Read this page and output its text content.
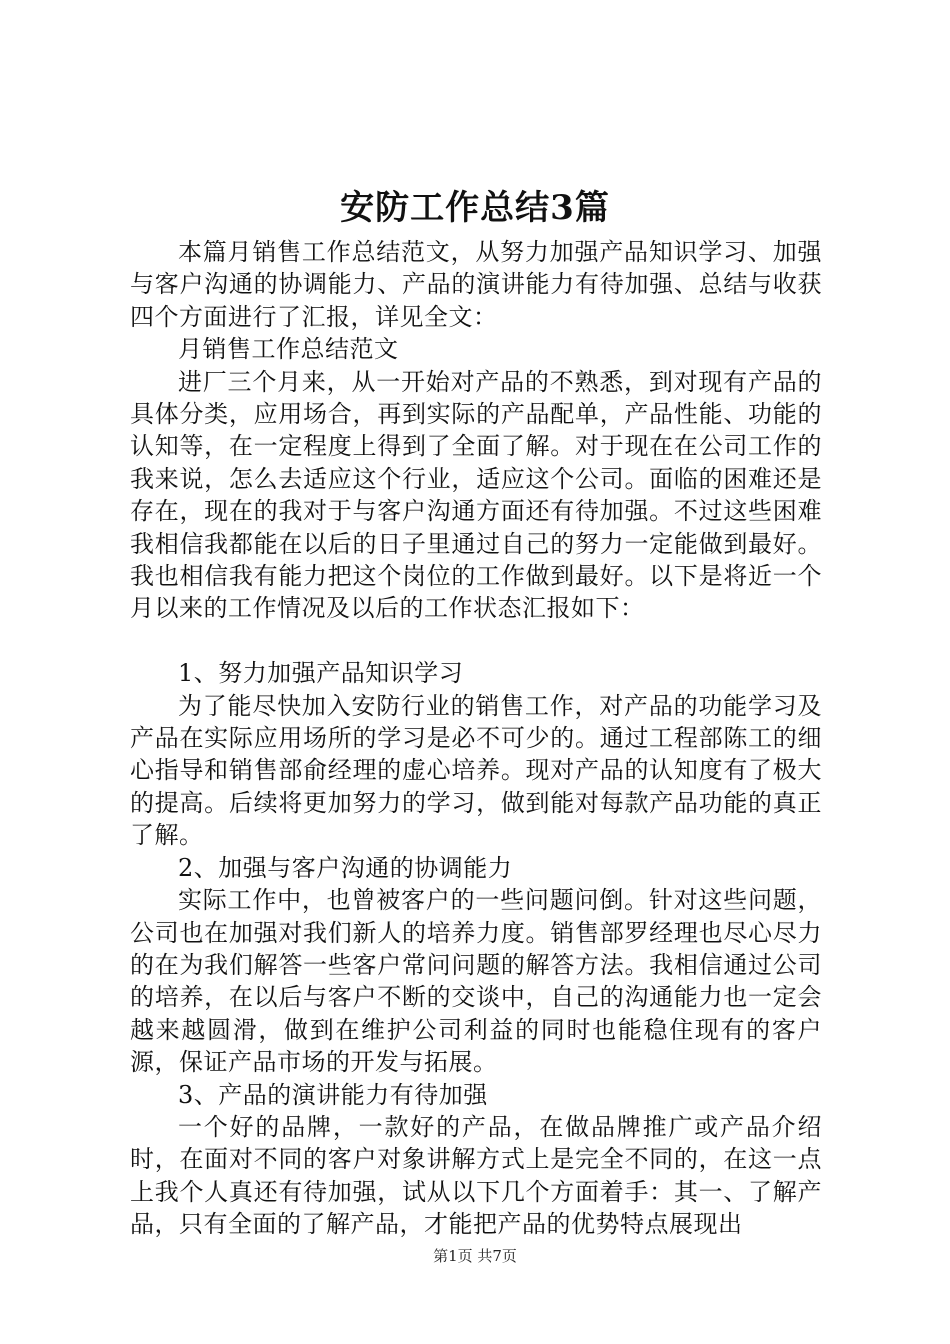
安防工作总结3篇

本篇月销售工作总结范文，从努力加强产品知识学习、加强与客户沟通的协调能力、产品的演讲能力有待加强、总结与收获四个方面进行了汇报，详见全文：

月销售工作总结范文

进厂三个月来，从一开始对产品的不熟悉，到对现有产品的具体分类，应用场合，再到实际的产品配单，产品性能、功能的认知等，在一定程度上得到了全面了解。对于现在在公司工作的我来说，怎么去适应这个行业，适应这个公司。面临的困难还是存在，现在的我对于与客户沟通方面还有待加强。不过这些困难我相信我都能在以后的日子里通过自己的努力一定能做到最好。我也相信我有能力把这个岗位的工作做到最好。以下是将近一个月以来的工作情况及以后的工作状态汇报如下：

1、努力加强产品知识学习

为了能尽快加入安防行业的销售工作，对产品的功能学习及产品在实际应用场所的学习是必不可少的。通过工程部陈工的细心指导和销售部俞经理的虚心培养。现对产品的认知度有了极大的提高。后续将更加努力的学习，做到能对每款产品功能的真正了解。

2、加强与客户沟通的协调能力

实际工作中，也曾被客户的一些问题问倒。针对这些问题，公司也在加强对我们新人的培养力度。销售部罗经理也尽心尽力的在为我们解答一些客户常问问题的解答方法。我相信通过公司的培养，在以后与客户不断的交谈中，自己的沟通能力也一定会越来越圆滑，做到在维护公司利益的同时也能稳住现有的客户源，保证产品市场的开发与拓展。

3、产品的演讲能力有待加强

一个好的品牌，一款好的产品，在做品牌推广或产品介绍时，在面对不同的客户对象讲解方式上是完全不同的，在这一点上我个人真还有待加强，试从以下几个方面着手：其一、了解产品，只有全面的了解产品，才能把产品的优势特点展现出

第1页 共7页
